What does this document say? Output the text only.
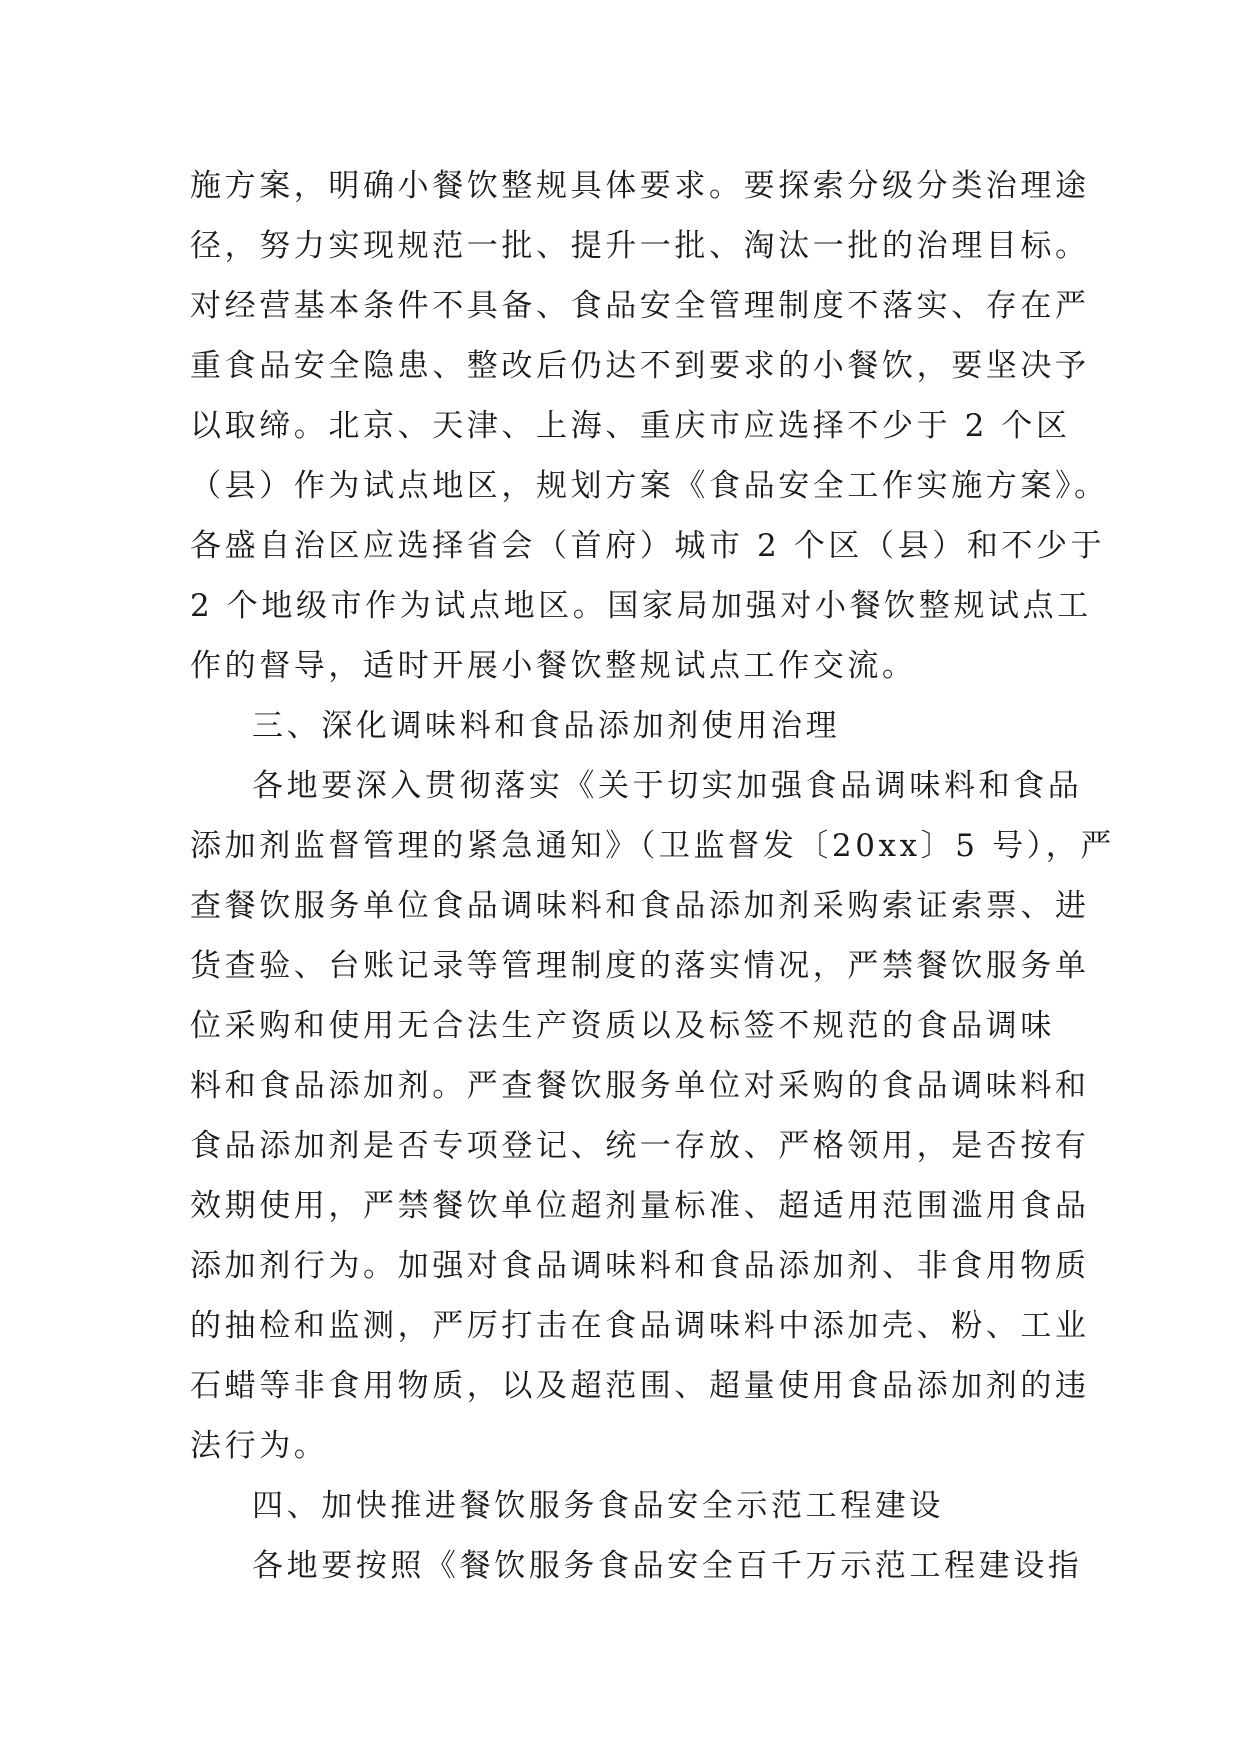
施方案，明确小餐饮整规具体要求。要探索分级分类治理途
径，努力实现规范一批、提升一批、淘汰一批的治理目标。
对经营基本条件不具备、食品安全管理制度不落实、存在严
重食品安全隐患、整改后仍达不到要求的小餐饮，要坚决予
以取缔。北京、天津、上海、重庆市应选择不少于 2 个区
（县）作为试点地区，规划方案《食品安全工作实施方案》。
各盛自治区应选择省会（首府）城市 2 个区（县）和不少于
2 个地级市作为试点地区。国家局加强对小餐饮整规试点工
作的督导，适时开展小餐饮整规试点工作交流。
三、深化调味料和食品添加剂使用治理
各地要深入贯彻落实《关于切实加强食品调味料和食品
添加剂监督管理的紧急通知》（卫监督发〔20xx〕5 号），严
查餐饮服务单位食品调味料和食品添加剂采购索证索票、进
货查验、台账记录等管理制度的落实情况，严禁餐饮服务单
位采购和使用无合法生产资质以及标签不规范的食品调味
料和食品添加剂。严查餐饮服务单位对采购的食品调味料和
食品添加剂是否专项登记、统一存放、严格领用，是否按有
效期使用，严禁餐饮单位超剂量标准、超适用范围滥用食品
添加剂行为。加强对食品调味料和食品添加剂、非食用物质
的抽检和监测，严厉打击在食品调味料中添加壳、粉、工业
石蜡等非食用物质，以及超范围、超量使用食品添加剂的违
法行为。
四、加快推进餐饮服务食品安全示范工程建设
各地要按照《餐饮服务食品安全百千万示范工程建设指
